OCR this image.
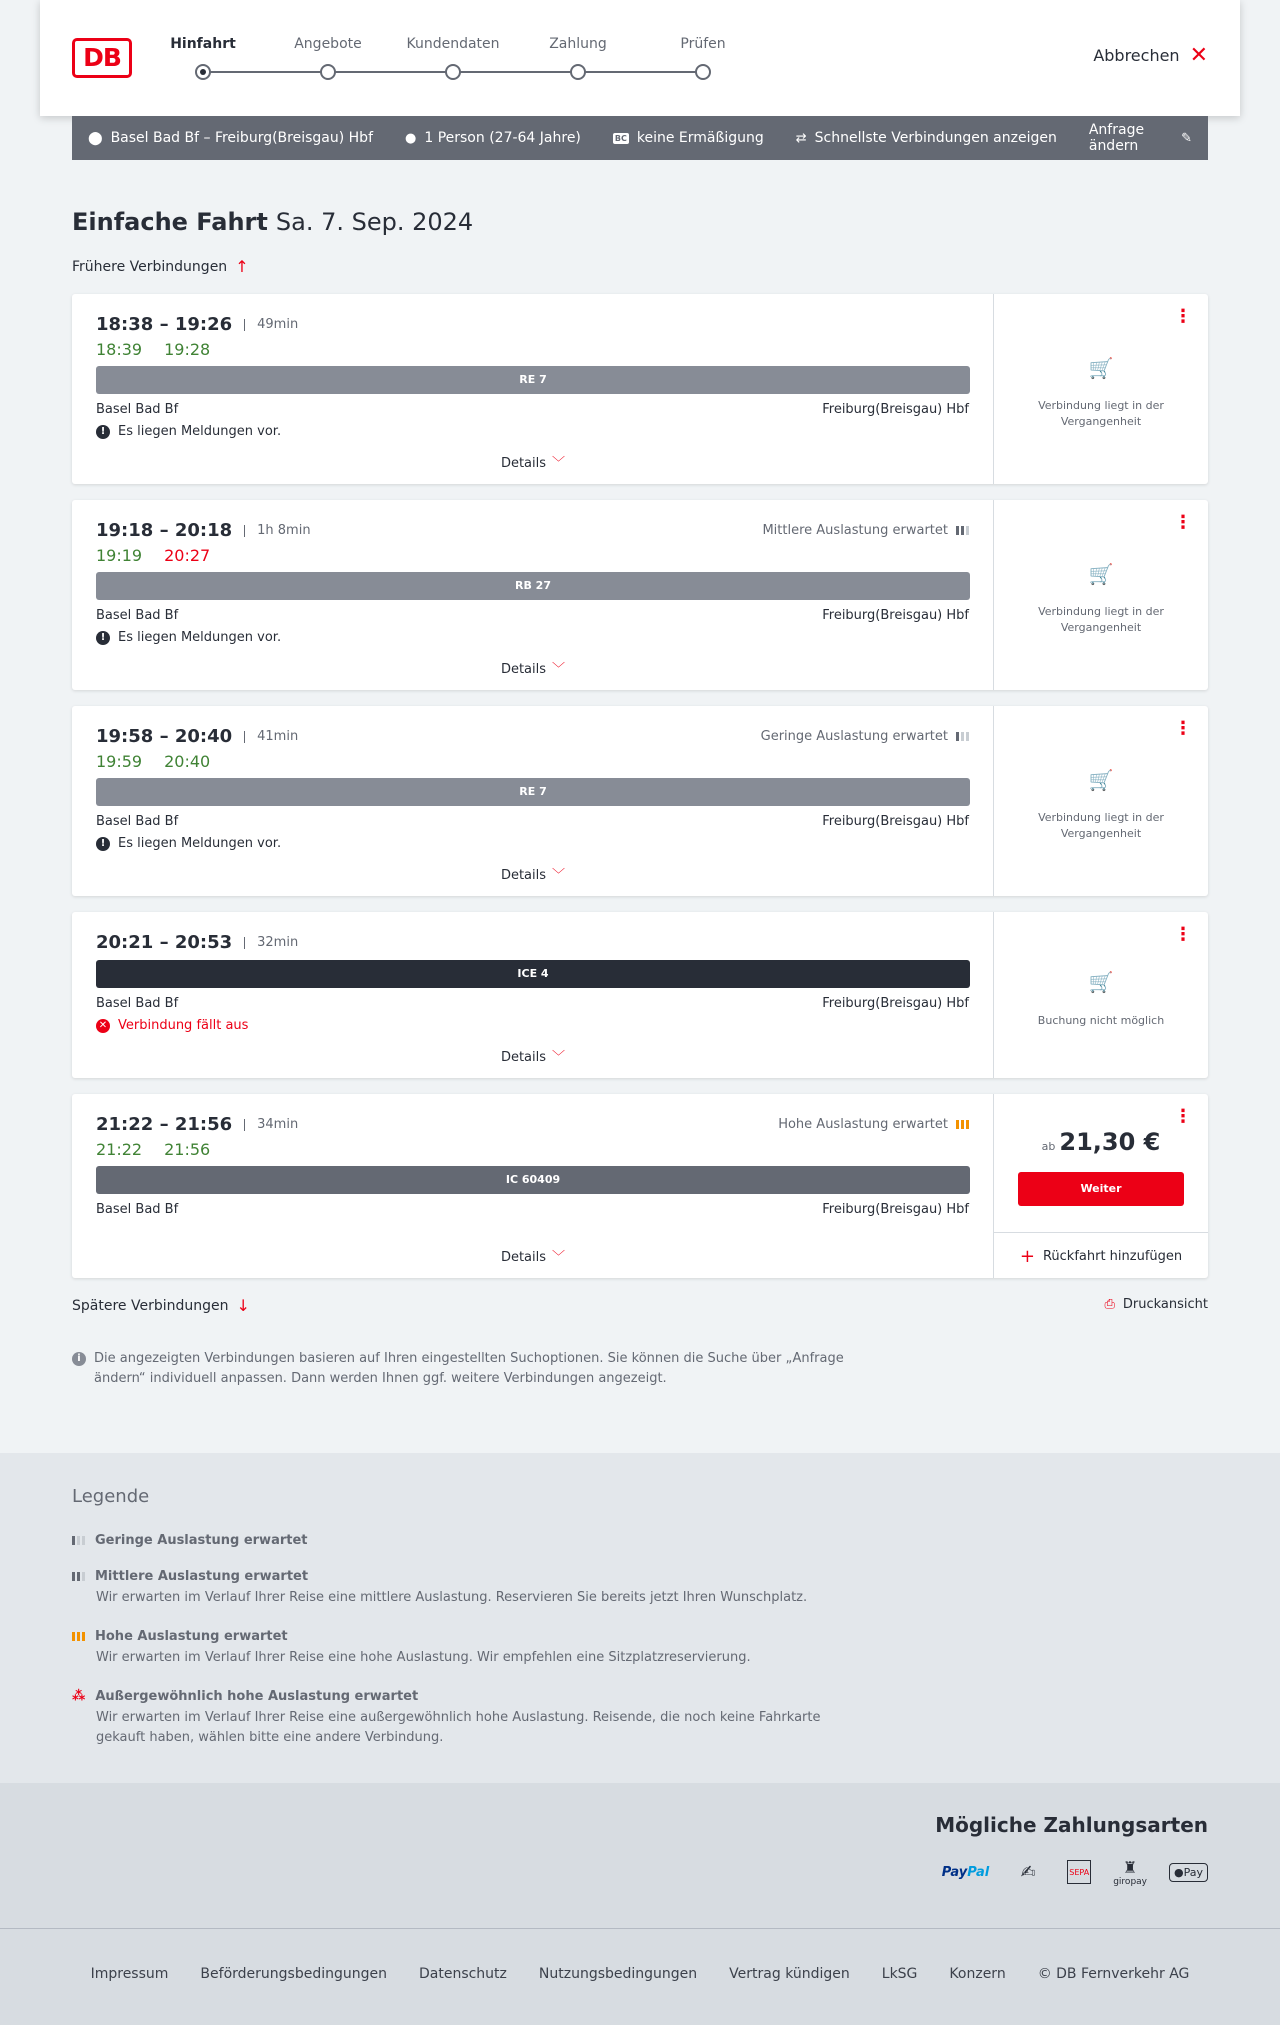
DB	Hinfahrt	Angebote	Kundendaten	Zahlung	Prüfen
Abbrechen ✕
⬤ Basel Bad Bf – Freiburg(Breisgau) Hbf ● 1 Person (27-64 Jahre)	BC keine Ermäßigung ⇄ Schnellste Verbindungen anzeigen Anfrage ändern	✎
Einfache Fahrt Sa. 7. Sep. 2024
Frühere Verbindungen ↑
18:38 – 19:26	49min
18:39 19:28
RE 7
Basel Bad Bf	Freiburg(Breisgau) Hbf
! Es liegen Meldungen vor.
Details ﹀
⋮
🛒
Verbindung liegt in der Vergangenheit
19:18 – 20:18	1h 8min	Mittlere Auslastung erwartet
19:19 20:27
RB 27
Basel Bad Bf	Freiburg(Breisgau) Hbf
! Es liegen Meldungen vor.
Details ﹀
⋮
🛒
Verbindung liegt in der Vergangenheit
19:58 – 20:40	41min	Geringe Auslastung erwartet
19:59 20:40
RE 7
Basel Bad Bf	Freiburg(Breisgau) Hbf
! Es liegen Meldungen vor.
Details ﹀
⋮
🛒
Verbindung liegt in der Vergangenheit
20:21 – 20:53	32min
ICE 4
Basel Bad Bf	Freiburg(Breisgau) Hbf
✕ Verbindung fällt aus
Details ﹀
⋮
🛒
Buchung nicht möglich
21:22 – 21:56	34min	Hohe Auslastung erwartet
21:22 21:56
IC 60409
Basel Bad Bf	Freiburg(Breisgau) Hbf
Details ﹀
⋮
ab 21,30 €
Weiter
+ Rückfahrt hinzufügen
Spätere Verbindungen ↓	⎙ Druckansicht
i	Die angezeigten Verbindungen basieren auf Ihren eingestellten Suchoptionen. Sie können die Suche über „Anfrage ändern“ individuell anpassen. Dann werden Ihnen ggf. weitere Verbindungen angezeigt.
Legende
Geringe Auslastung erwartet
Mittlere Auslastung erwartet
Wir erwarten im Verlauf Ihrer Reise eine mittlere Auslastung. Reservieren Sie bereits jetzt Ihren Wunschplatz.
Hohe Auslastung erwartet
Wir erwarten im Verlauf Ihrer Reise eine hohe Auslastung. Wir empfehlen eine Sitzplatzreservierung.
⁂ Außergewöhnlich hohe Auslastung erwartet
Wir erwarten im Verlauf Ihrer Reise eine außergewöhnlich hohe Auslastung. Reisende, die noch keine Fahrkarte gekauft haben, wählen bitte eine andere Verbindung.
Mögliche Zahlungsarten
PayPal	✍	SEPA ♜
giropay
●Pay
Impressum Beförderungsbedingungen Datenschutz Nutzungsbedingungen Vertrag kündigen LkSG Konzern © DB Fernverkehr AG
